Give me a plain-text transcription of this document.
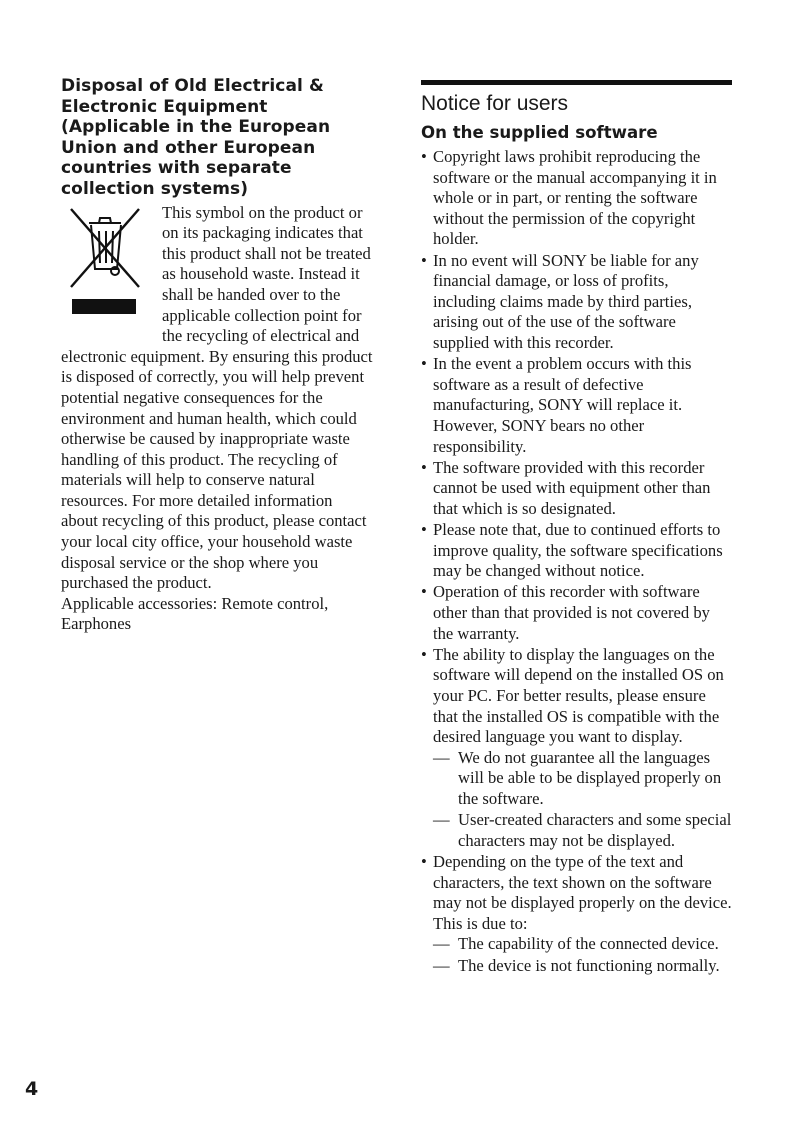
Disposal of Old Electrical & Electronic Equipment (Applicable in the European Union and other European countries with separate collection systems)

This symbol on the product or on its packaging indicates that this product shall not be treated as household waste. Instead it shall be handed over to the applicable collection point for the recycling of electrical and electronic equipment. By ensuring this product is disposed of correctly, you will help prevent potential negative consequences for the environment and human health, which could otherwise be caused by inappropriate waste handling of this product. The recycling of materials will help to conserve natural resources. For more detailed information about recycling of this product, please contact your local city office, your household waste disposal service or the shop where you purchased the product.

Applicable accessories: Remote control, Earphones

Notice for users
On the supplied software
• Copyright laws prohibit reproducing the software or the manual accompanying it in whole or in part, or renting the software without the permission of the copyright holder.
• In no event will SONY be liable for any financial damage, or loss of profits, including claims made by third parties, arising out of the use of the software supplied with this recorder.
• In the event a problem occurs with this software as a result of defective manufacturing, SONY will replace it. However, SONY bears no other responsibility.
• The software provided with this recorder cannot be used with equipment other than that which is so designated.
• Please note that, due to continued efforts to improve quality, the software specifications may be changed without notice.
• Operation of this recorder with software other than that provided is not covered by the warranty.
• The ability to display the languages on the software will depend on the installed OS on your PC. For better results, please ensure that the installed OS is compatible with the desired language you want to display.
— We do not guarantee all the languages will be able to be displayed properly on the software.
— User-created characters and some special characters may not be displayed.
• Depending on the type of the text and characters, the text shown on the software may not be displayed properly on the device. This is due to:
— The capability of the connected device.
— The device is not functioning normally.
4
